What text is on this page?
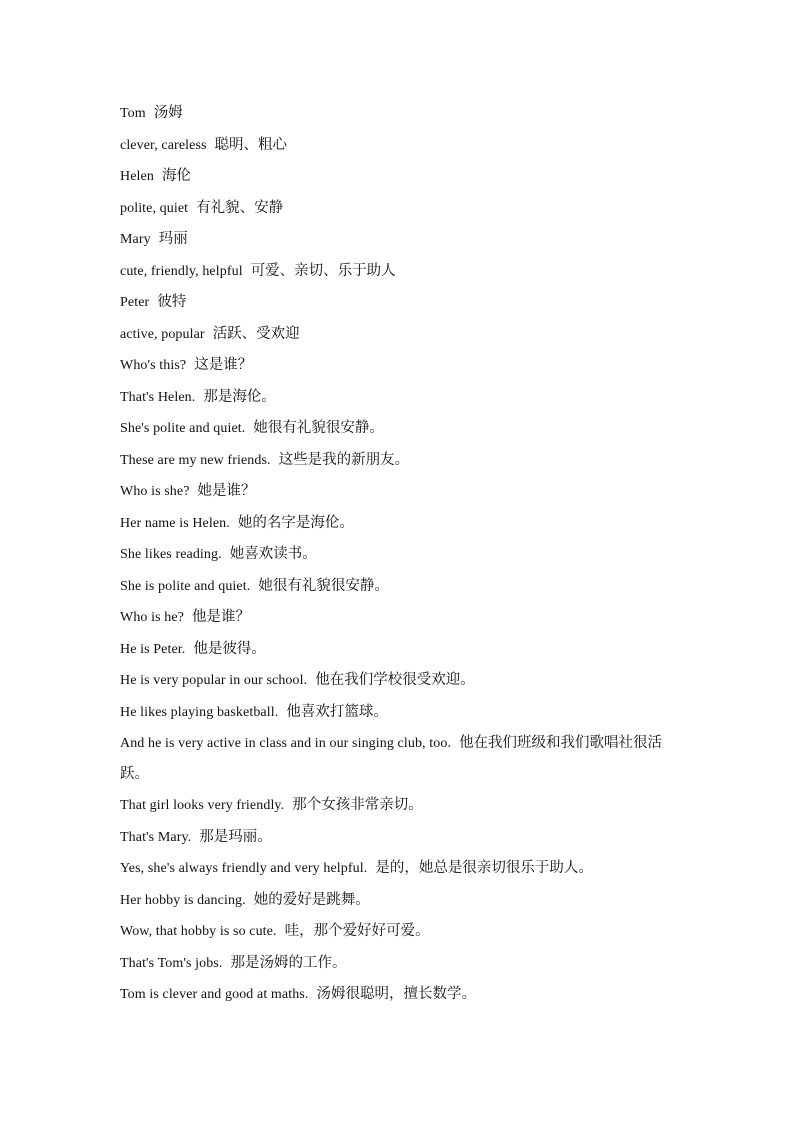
Tom 汤姆
clever, careless 聪明、粗心
Helen 海伦
polite, quiet 有礼貌、安静
Mary 玛丽
cute, friendly, helpful 可爱、亲切、乐于助人
Peter 彼特
active, popular 活跃、受欢迎
Who's this? 这是谁？
That's Helen. 那是海伦。
She's polite and quiet. 她很有礼貌很安静。
These are my new friends. 这些是我的新朋友。
Who is she? 她是谁？
Her name is Helen. 她的名字是海伦。
She likes reading. 她喜欢读书。
She is polite and quiet. 她很有礼貌很安静。
Who is he? 他是谁？
He is Peter. 他是彼得。
He is very popular in our school. 他在我们学校很受欢迎。
He likes playing basketball. 他喜欢打篮球。
And he is very active in class and in our singing club, too. 他在我们班级和我们歌唱社很活跃。
That girl looks very friendly. 那个女孩非常亲切。
That's Mary. 那是玛丽。
Yes, she's always friendly and very helpful. 是的，她总是很亲切很乐于助人。
Her hobby is dancing. 她的爱好是跳舞。
Wow, that hobby is so cute. 哇，那个爱好好可爱。
That's Tom's jobs. 那是汤姆的工作。
Tom is clever and good at maths. 汤姆很聪明，擅长数学。
